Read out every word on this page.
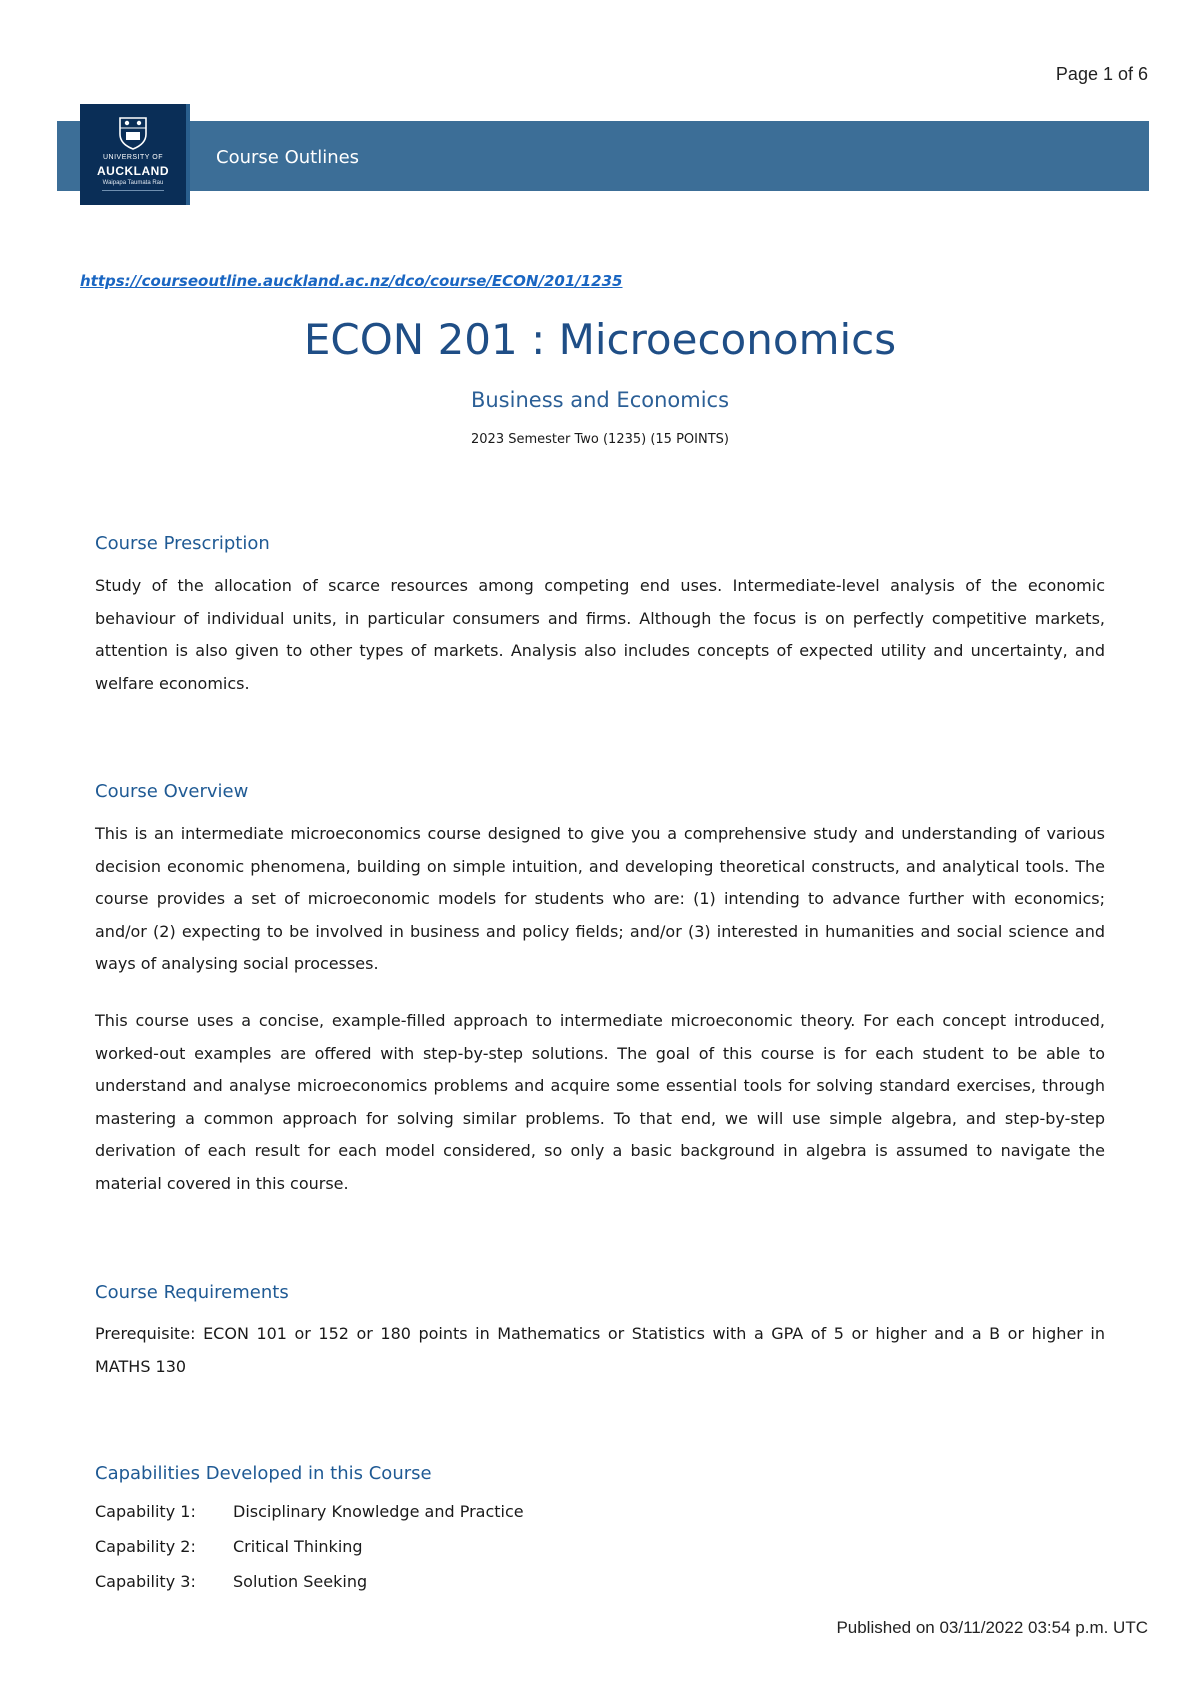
Page 1 of 6
UNIVERSITY OF
AUCKLAND
Waipapa Taumata Rau
Course Outlines
https://courseoutline.auckland.ac.nz/dco/course/ECON/201/1235
ECON 201 : Microeconomics
Business and Economics
2023 Semester Two (1235) (15 POINTS)
Course Prescription
Study of the allocation of scarce resources among competing end uses. Intermediate-level analysis of the economic behaviour of individual units, in particular consumers and firms. Although the focus is on perfectly competitive markets, attention is also given to other types of markets. Analysis also includes concepts of expected utility and uncertainty, and welfare economics.
Course Overview
This is an intermediate microeconomics course designed to give you a comprehensive study and understanding of various decision economic phenomena, building on simple intuition, and developing theoretical constructs, and analytical tools. The course provides a set of microeconomic models for students who are: (1) intending to advance further with economics; and/or (2) expecting to be involved in business and policy fields; and/or (3) interested in humanities and social science and ways of analysing social processes.
This course uses a concise, example-filled approach to intermediate microeconomic theory. For each concept introduced, worked-out examples are offered with step-by-step solutions. The goal of this course is for each student to be able to understand and analyse microeconomics problems and acquire some essential tools for solving standard exercises, through mastering a common approach for solving similar problems. To that end, we will use simple algebra, and step-by-step derivation of each result for each model considered, so only a basic background in algebra is assumed to navigate the material covered in this course.
Course Requirements
Prerequisite: ECON 101 or 152 or 180 points in Mathematics or Statistics with a GPA of 5 or higher and a B or higher in MATHS 130
Capabilities Developed in this Course
Capability 1: Disciplinary Knowledge and Practice
Capability 2: Critical Thinking
Capability 3: Solution Seeking
Published on 03/11/2022 03:54 p.m. UTC
